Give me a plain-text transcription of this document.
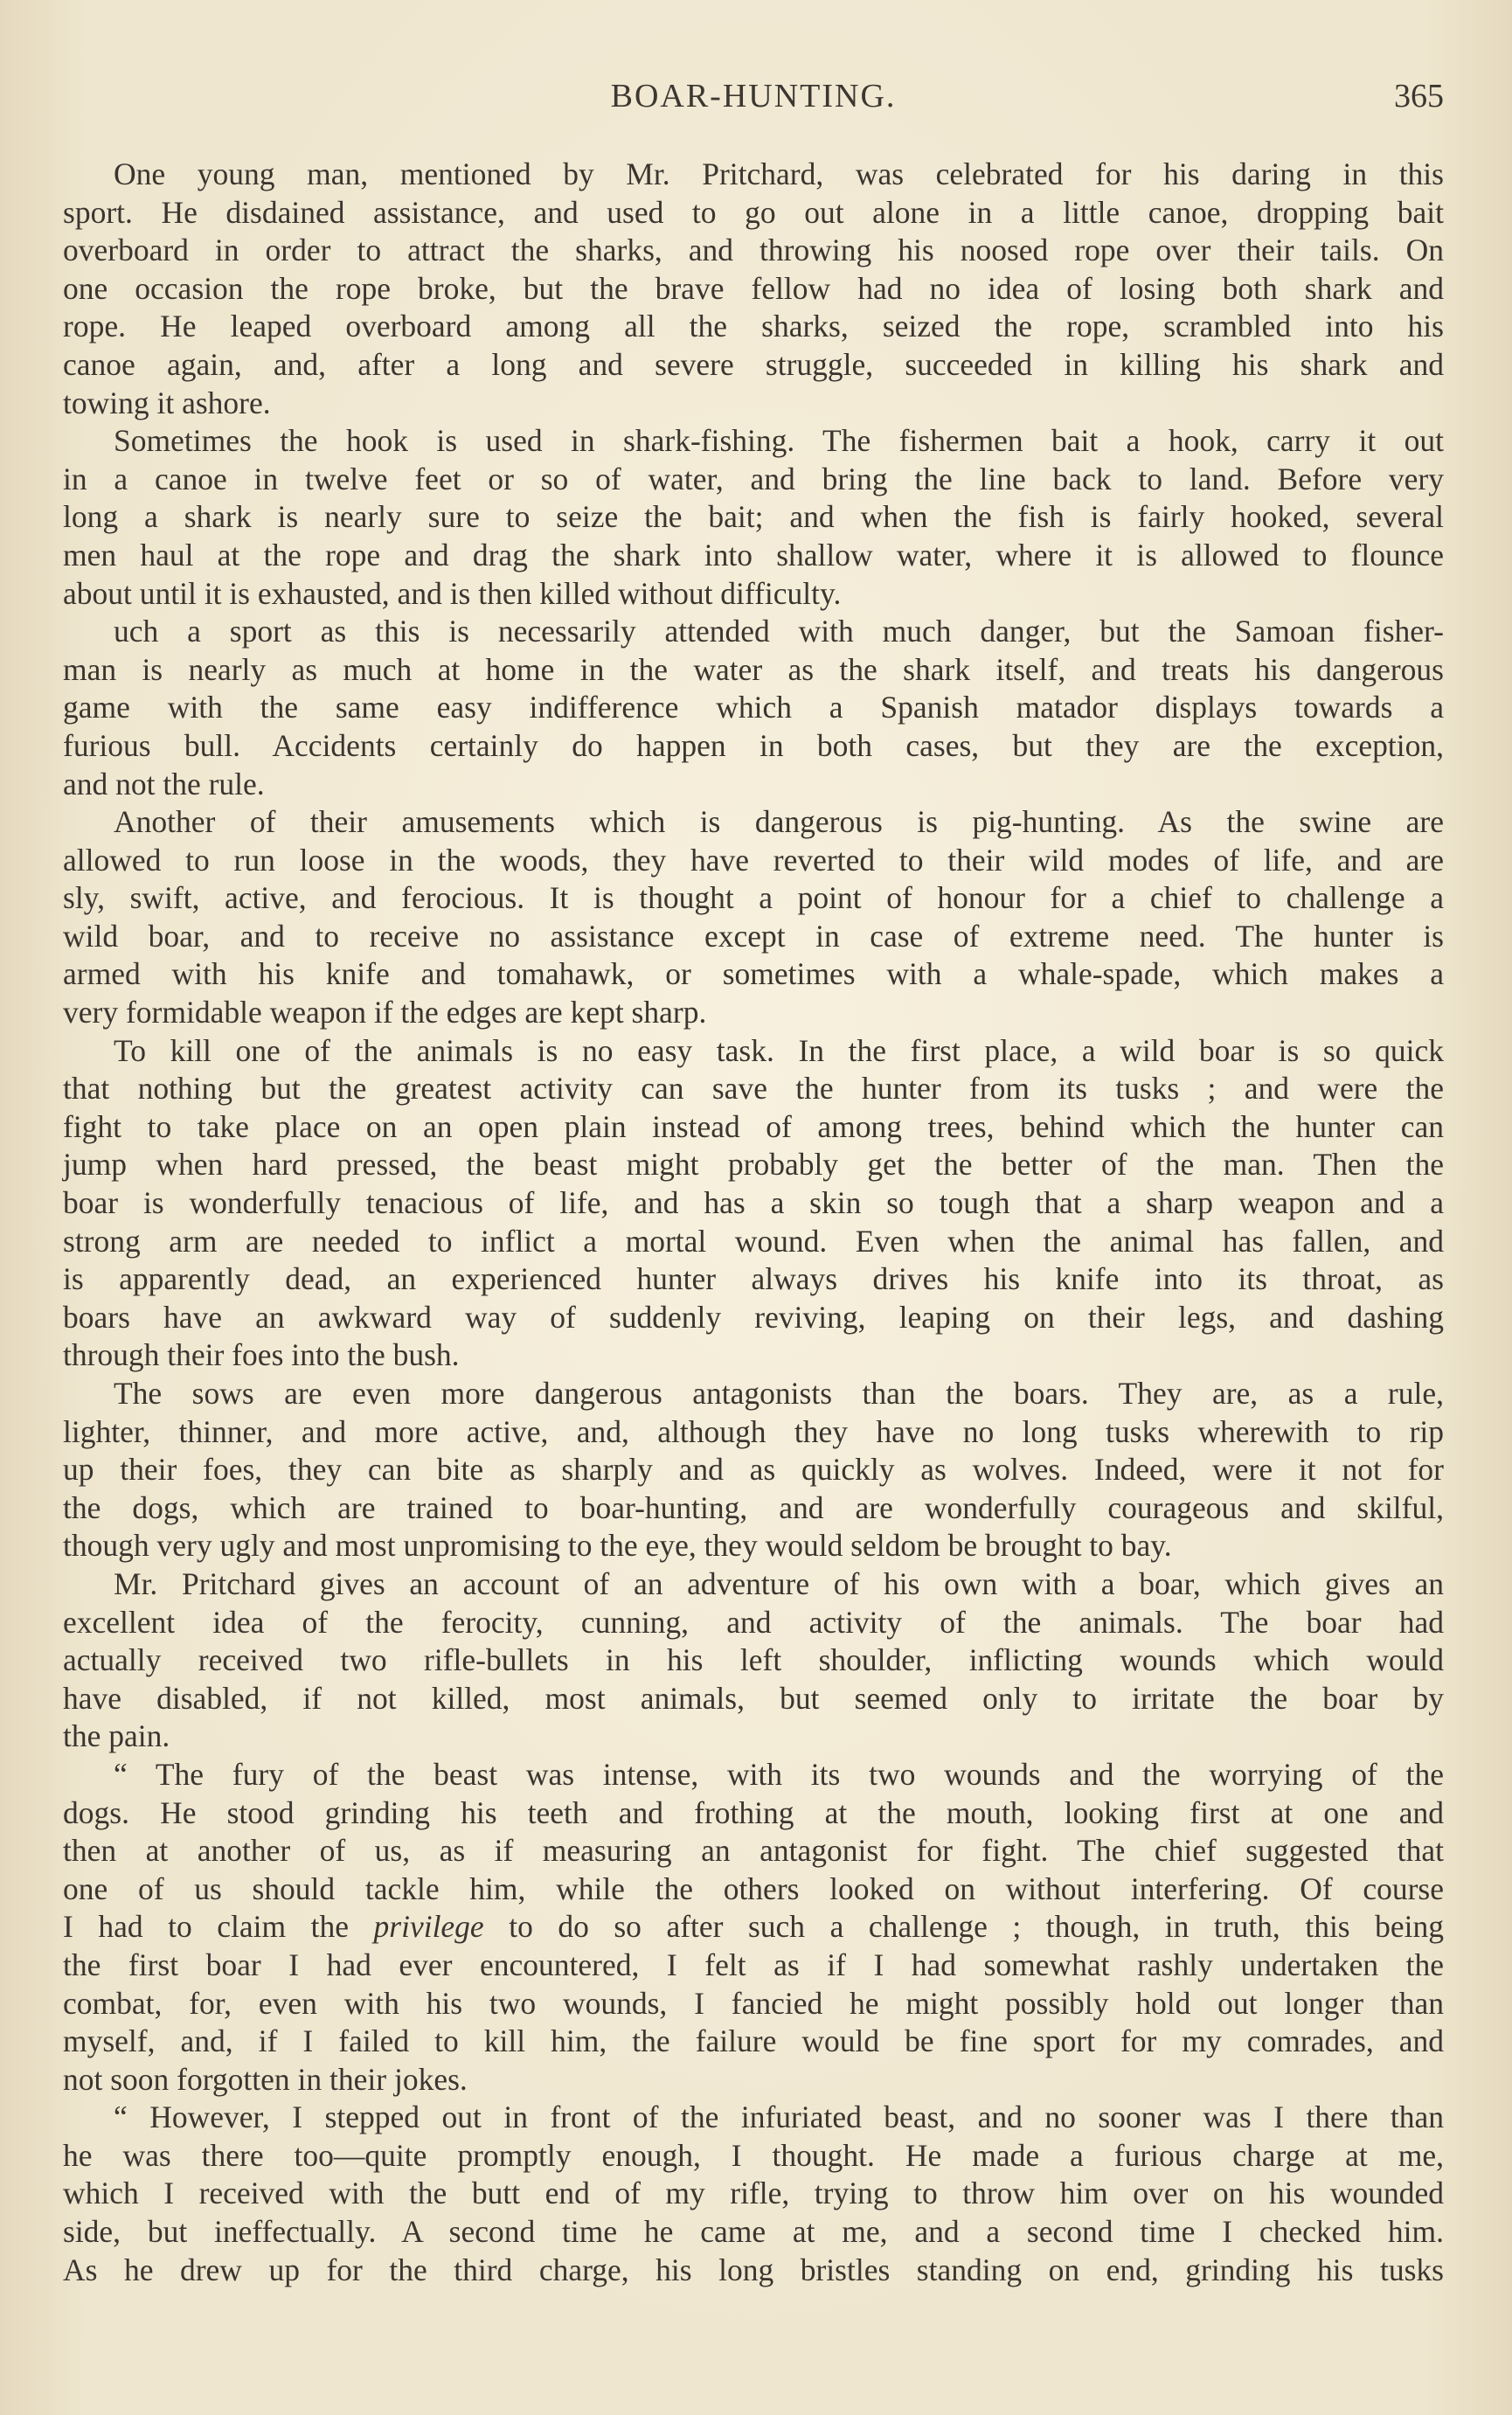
BOAR-HUNTING.	365
One young man, mentioned by Mr. Pritchard, was celebrated for his daring in this
sport. He disdained assistance, and used to go out alone in a little canoe, dropping bait
overboard in order to attract the sharks, and throwing his noosed rope over their tails. On
one occasion the rope broke, but the brave fellow had no idea of losing both shark and
rope. He leaped overboard among all the sharks, seized the rope, scrambled into his
canoe again, and, after a long and severe struggle, succeeded in killing his shark and
towing it ashore.
Sometimes the hook is used in shark-fishing. The fishermen bait a hook, carry it out
in a canoe in twelve feet or so of water, and bring the line back to land. Before very
long a shark is nearly sure to seize the bait; and when the fish is fairly hooked, several
men haul at the rope and drag the shark into shallow water, where it is allowed to flounce
about until it is exhausted, and is then killed without difficulty.
uch a sport as this is necessarily attended with much danger, but the Samoan fisher-
man is nearly as much at home in the water as the shark itself, and treats his dangerous
game with the same easy indifference which a Spanish matador displays towards a
furious bull. Accidents certainly do happen in both cases, but they are the exception,
and not the rule.
Another of their amusements which is dangerous is pig-hunting. As the swine are
allowed to run loose in the woods, they have reverted to their wild modes of life, and are
sly, swift, active, and ferocious. It is thought a point of honour for a chief to challenge a
wild boar, and to receive no assistance except in case of extreme need. The hunter is
armed with his knife and tomahawk, or sometimes with a whale-spade, which makes a
very formidable weapon if the edges are kept sharp.
To kill one of the animals is no easy task. In the first place, a wild boar is so quick
that nothing but the greatest activity can save the hunter from its tusks ; and were the
fight to take place on an open plain instead of among trees, behind which the hunter can
jump when hard pressed, the beast might probably get the better of the man. Then the
boar is wonderfully tenacious of life, and has a skin so tough that a sharp weapon and a
strong arm are needed to inflict a mortal wound. Even when the animal has fallen, and
is apparently dead, an experienced hunter always drives his knife into its throat, as
boars have an awkward way of suddenly reviving, leaping on their legs, and dashing
through their foes into the bush.
The sows are even more dangerous antagonists than the boars. They are, as a rule,
lighter, thinner, and more active, and, although they have no long tusks wherewith to rip
up their foes, they can bite as sharply and as quickly as wolves. Indeed, were it not for
the dogs, which are trained to boar-hunting, and are wonderfully courageous and skilful,
though very ugly and most unpromising to the eye, they would seldom be brought to bay.
Mr. Pritchard gives an account of an adventure of his own with a boar, which gives an
excellent idea of the ferocity, cunning, and activity of the animals. The boar had
actually received two rifle-bullets in his left shoulder, inflicting wounds which would
have disabled, if not killed, most animals, but seemed only to irritate the boar by
the pain.
“ The fury of the beast was intense, with its two wounds and the worrying of the
dogs. He stood grinding his teeth and frothing at the mouth, looking first at one and
then at another of us, as if measuring an antagonist for fight. The chief suggested that
one of us should tackle him, while the others looked on without interfering. Of course
I had to claim the privilege to do so after such a challenge ; though, in truth, this being
the first boar I had ever encountered, I felt as if I had somewhat rashly undertaken the
combat, for, even with his two wounds, I fancied he might possibly hold out longer than
myself, and, if I failed to kill him, the failure would be fine sport for my comrades, and
not soon forgotten in their jokes.
“ However, I stepped out in front of the infuriated beast, and no sooner was I there than
he was there too—quite promptly enough, I thought. He made a furious charge at me,
which I received with the butt end of my rifle, trying to throw him over on his wounded
side, but ineffectually. A second time he came at me, and a second time I checked him.
As he drew up for the third charge, his long bristles standing on end, grinding his tusks
